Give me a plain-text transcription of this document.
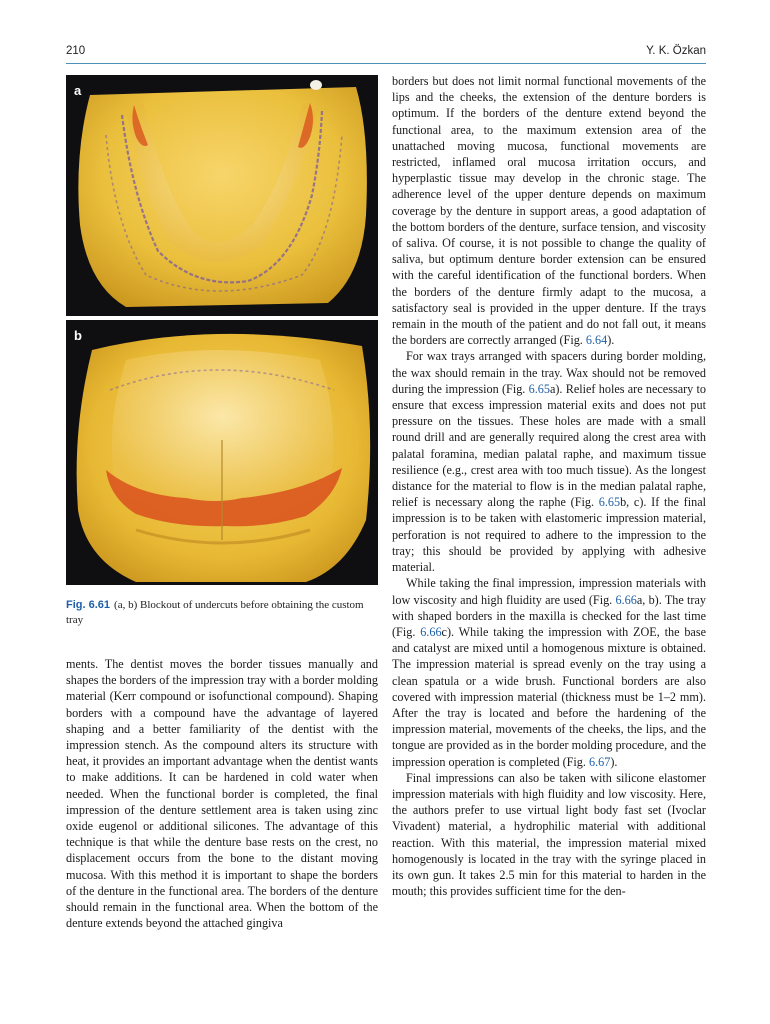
210	Y. K. Özkan
a
b
Fig. 6.61 (a, b) Blockout of undercuts before obtaining the custom tray

ments. The dentist moves the border tissues manually and shapes the borders of the impression tray with a border molding material (Kerr compound or isofunctional compound). Shaping borders with a compound have the advantage of layered shaping and a better familiarity of the dentist with the impression stench. As the compound alters its structure with heat, it provides an important advantage when the dentist wants to make additions. It can be hardened in cold water when needed. When the functional border is completed, the final impression of the denture settlement area is taken using zinc oxide eugenol or additional silicones. The advantage of this technique is that while the denture base rests on the crest, no displacement occurs from the bone to the distant moving mucosa. With this method it is important to shape the borders of the denture in the functional area. The borders of the denture should remain in the functional area. When the bottom of the denture extends beyond the attached gingiva

borders but does not limit normal functional movements of the lips and the cheeks, the extension of the denture borders is optimum. If the borders of the denture extend beyond the functional area, to the maximum extension area of the unattached moving mucosa, functional movements are restricted, inflamed oral mucosa irritation occurs, and hyperplastic tissue may develop in the chronic stage. The adherence level of the upper denture depends on maximum coverage by the denture in support areas, a good adaptation of the bottom borders of the denture, surface tension, and viscosity of saliva. Of course, it is not possible to change the quality of saliva, but optimum denture border extension can be ensured with the careful identification of the functional borders. When the borders of the denture firmly adapt to the mucosa, a satisfactory seal is provided in the upper denture. If the trays remain in the mouth of the patient and do not fall out, it means the borders are correctly arranged (Fig. 6.64).

For wax trays arranged with spacers during border molding, the wax should remain in the tray. Wax should not be removed during the impression (Fig. 6.65a). Relief holes are necessary to ensure that excess impression material exits and does not put pressure on the tissues. These holes are made with a small round drill and are generally required along the crest area with palatal foramina, median palatal raphe, and maximum tissue resilience (e.g., crest area with too much tissue). As the longest distance for the material to flow is in the median palatal raphe, relief is necessary along the raphe (Fig. 6.65b, c). If the final impression is to be taken with elastomeric impression material, perforation is not required to adhere to the impression to the tray; this should be provided by applying with adhesive material.

While taking the final impression, impression materials with low viscosity and high fluidity are used (Fig. 6.66a, b). The tray with shaped borders in the maxilla is checked for the last time (Fig. 6.66c). While taking the impression with ZOE, the base and catalyst are mixed until a homogenous mixture is obtained. The impression material is spread evenly on the tray using a clean spatula or a wide brush. Functional borders are also covered with impression material (thickness must be 1–2 mm). After the tray is located and before the hardening of the impression material, movements of the cheeks, the lips, and the tongue are provided as in the border molding procedure, and the impression operation is completed (Fig. 6.67).

Final impressions can also be taken with silicone elastomer impression materials with high fluidity and low viscosity. Here, the authors prefer to use virtual light body fast set (Ivoclar Vivadent) material, a hydrophilic material with additional reaction. With this material, the impression material mixed homogenously is located in the tray with the syringe placed in its own gun. It takes 2.5 min for this material to harden in the mouth; this provides sufficient time for the den-
